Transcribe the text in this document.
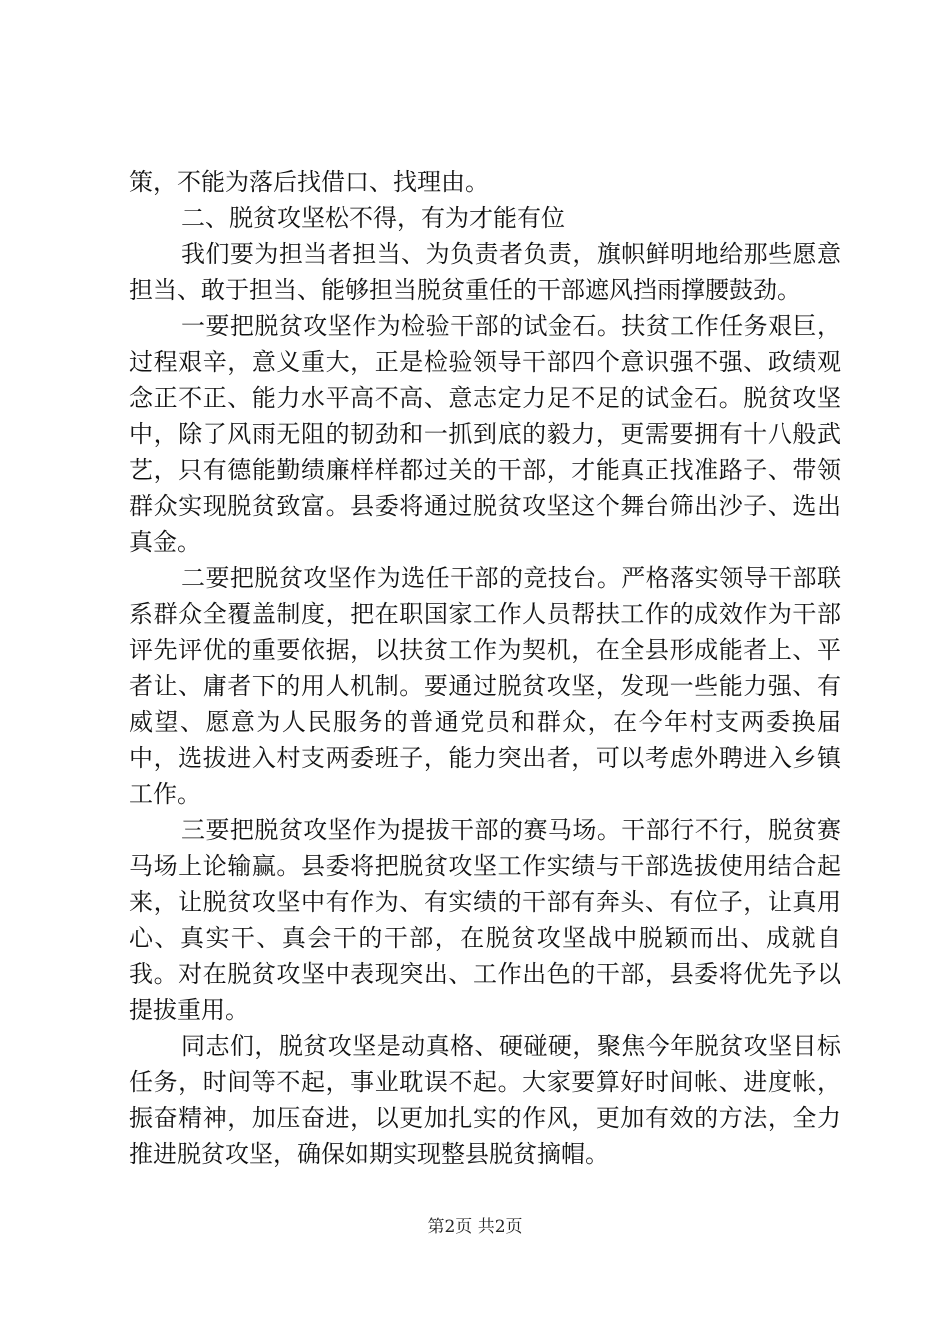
策，不能为落后找借口、找理由。

二、脱贫攻坚松不得，有为才能有位

我们要为担当者担当、为负责者负责，旗帜鲜明地给那些愿意担当、敢于担当、能够担当脱贫重任的干部遮风挡雨撑腰鼓劲。

一要把脱贫攻坚作为检验干部的试金石。扶贫工作任务艰巨，过程艰辛，意义重大，正是检验领导干部四个意识强不强、政绩观念正不正、能力水平高不高、意志定力足不足的试金石。脱贫攻坚中，除了风雨无阻的韧劲和一抓到底的毅力，更需要拥有十八般武艺，只有德能勤绩廉样样都过关的干部，才能真正找准路子、带领群众实现脱贫致富。县委将通过脱贫攻坚这个舞台筛出沙子、选出真金。

二要把脱贫攻坚作为选任干部的竞技台。严格落实领导干部联系群众全覆盖制度，把在职国家工作人员帮扶工作的成效作为干部评先评优的重要依据，以扶贫工作为契机，在全县形成能者上、平者让、庸者下的用人机制。要通过脱贫攻坚，发现一些能力强、有威望、愿意为人民服务的普通党员和群众，在今年村支两委换届中，选拔进入村支两委班子，能力突出者，可以考虑外聘进入乡镇工作。

三要把脱贫攻坚作为提拔干部的赛马场。干部行不行，脱贫赛马场上论输赢。县委将把脱贫攻坚工作实绩与干部选拔使用结合起来，让脱贫攻坚中有作为、有实绩的干部有奔头、有位子，让真用心、真实干、真会干的干部，在脱贫攻坚战中脱颖而出、成就自我。对在脱贫攻坚中表现突出、工作出色的干部，县委将优先予以提拔重用。

同志们，脱贫攻坚是动真格、硬碰硬，聚焦今年脱贫攻坚目标任务，时间等不起，事业耽误不起。大家要算好时间帐、进度帐，振奋精神，加压奋进，以更加扎实的作风，更加有效的方法，全力推进脱贫攻坚，确保如期实现整县脱贫摘帽。

第2页 共2页
